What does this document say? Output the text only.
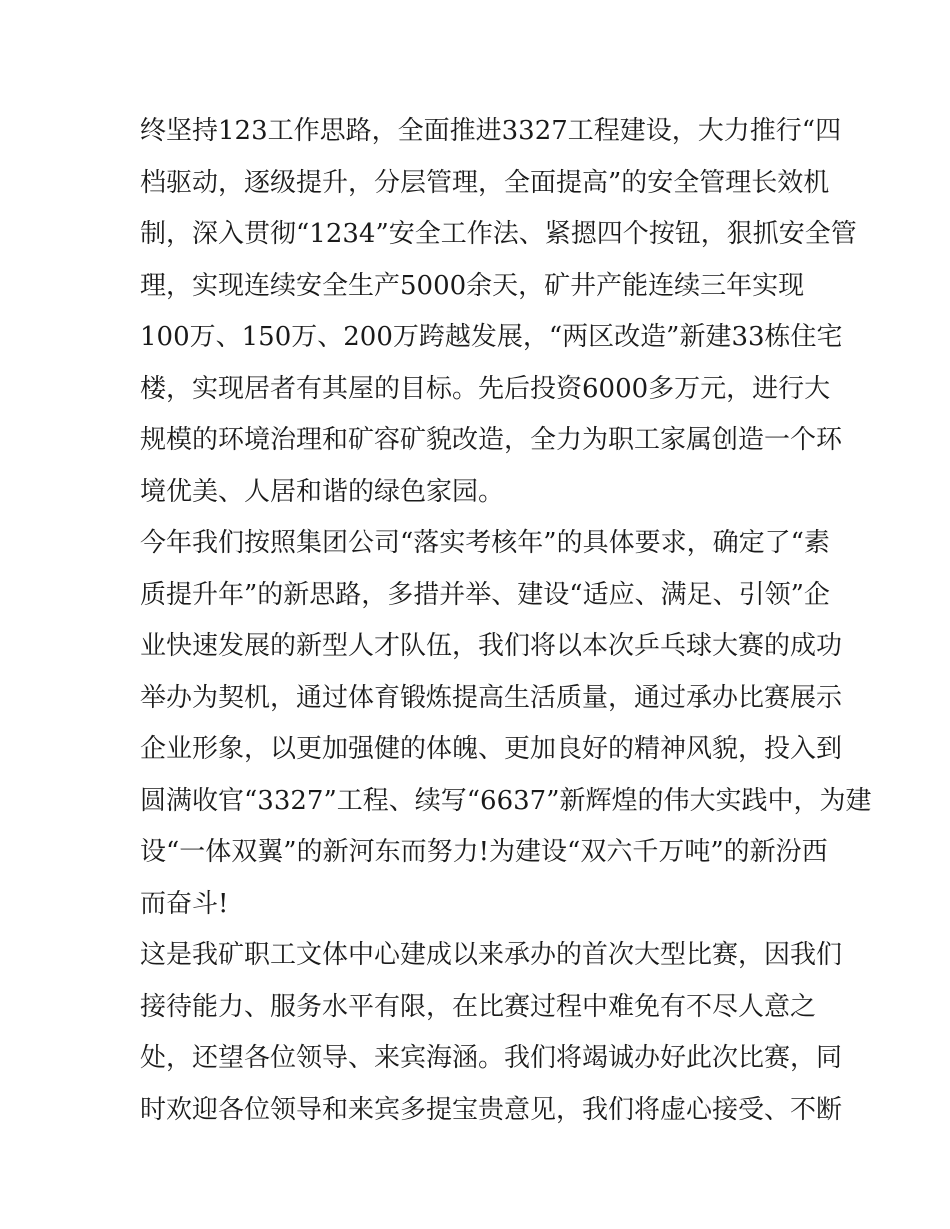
终坚持123工作思路，全面推进3327工程建设，大力推行“四
档驱动，逐级提升，分层管理，全面提高”的安全管理长效机
制，深入贯彻“1234”安全工作法、紧摁四个按钮，狠抓安全管
理，实现连续安全生产5000余天，矿井产能连续三年实现
100万、150万、200万跨越发展，“两区改造”新建33栋住宅
楼，实现居者有其屋的目标。先后投资6000多万元，进行大
规模的环境治理和矿容矿貌改造，全力为职工家属创造一个环
境优美、人居和谐的绿色家园。
今年我们按照集团公司“落实考核年”的具体要求，确定了“素
质提升年”的新思路，多措并举、建设“适应、满足、引领”企
业快速发展的新型人才队伍，我们将以本次乒乓球大赛的成功
举办为契机，通过体育锻炼提高生活质量，通过承办比赛展示
企业形象，以更加强健的体魄、更加良好的精神风貌，投入到
圆满收官“3327”工程、续写“6637”新辉煌的伟大实践中，为建
设“一体双翼”的新河东而努力!为建设“双六千万吨”的新汾西
而奋斗!
这是我矿职工文体中心建成以来承办的首次大型比赛，因我们
接待能力、服务水平有限，在比赛过程中难免有不尽人意之
处，还望各位领导、来宾海涵。我们将竭诚办好此次比赛，同
时欢迎各位领导和来宾多提宝贵意见，我们将虚心接受、不断
